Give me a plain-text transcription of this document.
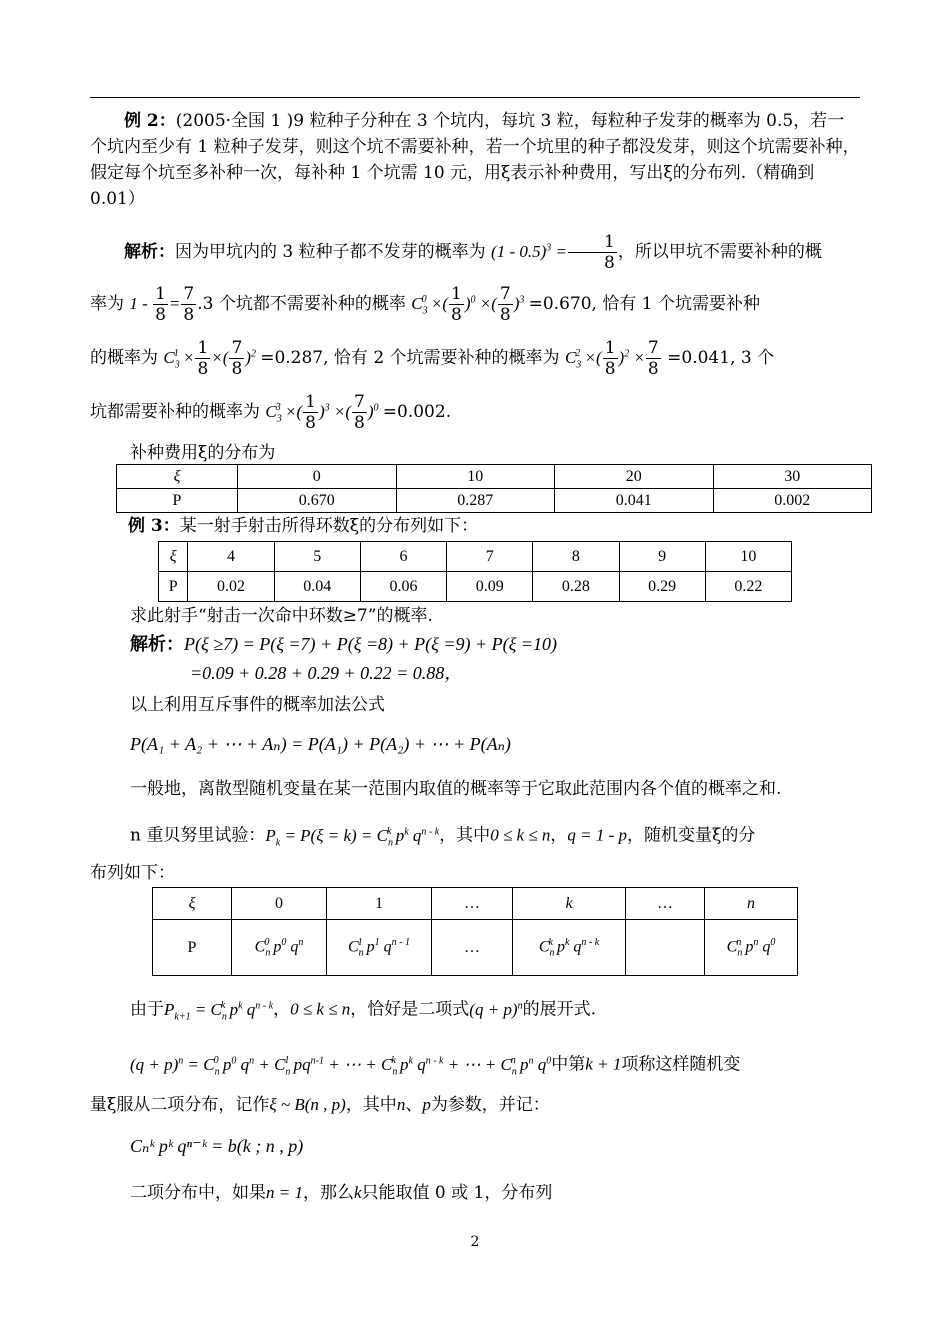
例 2：(2005·全国 1 )9 粒种子分种在 3 个坑内，每坑 3 粒，每粒种子发芽的概率为 0.5，若一个坑内至少有 1 粒种子发芽，则这个坑不需要补种，若一个坑里的种子都没发芽，则这个坑需要补种，假定每个坑至多补种一次，每补种 1 个坑需 10 元，用ξ表示补种费用，写出ξ的分布列.（精确到 0.01）
解析：因为甲坑内的 3 粒种子都不发芽的概率为 $(1 - 0.5)^3 = \frac{1}{8}$ ，所以甲坑不需要补种的概
率为 $1 - \frac{1}{8} = \frac{7}{8} .3$ 个坑都不需要补种的概率 $C_3^0$ ×( $\frac{1}{8} )^0$ ×( $\frac{7}{8} )^3 =0.670$, 恰有 1 个坑需要补种
的概率为 $C_3^1 \times \frac{1}{8}$ ×( $\frac{7}{8} )^2 =0.287$, 恰有 2 个坑需要补种的概率为 $C_3^2$ ×( $\frac{1}{8} )^2 \times \frac{7}{8} =0.041$, 3 个
坑都需要补种的概率为 $C_3^3$ ×( $\frac{1}{8} )^3$ ×( $\frac{7}{8} )^0 =0.002$.
补种费用ξ的分布为
ξ	0	10	20	30
P	0.670	0.287	0.041	0.002
例 3：某一射手射击所得环数ξ的分布列如下：
ξ	4	5	6	7	8	9	10
P	0.02	0.04	0.06	0.09	0.28	0.29	0.22
求此射手“射击一次命中环数≥7”的概率.
解析：P(ξ ≥7) = P(ξ =7) + P(ξ =8) + P(ξ =9) + P(ξ =10)
=0.09 + 0.28 + 0.29 + 0.22 = 0.88，
以上利用互斥事件的概率加法公式
P(A₁ + A₂ + ⋯ + Aₙ) = P(A₁) + P(A₂) + ⋯ + P(Aₙ)
一般地，离散型随机变量在某一范围内取值的概率等于它取此范围内各个值的概率之和.
n 重贝努里试验：$P_k = P(\xi = k) = C_n^k$ $p^k$ $q^{n - k}$，其中0 ≤ k ≤ n，q = 1 - p，随机变量ξ的分
布列如下：
ξ	0	1	…	k	…	n
P	$C_n^0$ $p^0$ $q^n$	$C_n^1$ $p^1$ $q^{n - 1}$	…	$C_n^k$ $p^k$ $q^{n - k}$		$C_n^n$ $p^n$ $q^0$
由于$P_{k+1} = C_n^k$ $p^k$ $q^{n - k}$，0 ≤ k ≤ n，恰好是二项式$(q + p)^n$的展开式.
$(q + p)^n = C_n^0$ $p^0$ $q^n + C_n^1$ $pq^{n-1}$ + ⋯ + $C_n^k$ $p^k$ $q^{n - k}$ + ⋯ + $C_n^n$ $p^n$ $q^0$中第k + 1项称这样随机变
量ξ服从二项分布，记作ξ ~ B(n , p)，其中n、p为参数，并记：
Cₙᵏ pᵏ qⁿ⁻ᵏ = b(k ; n , p)
二项分布中，如果n = 1，那么k只能取值 0 或 1，分布列
2
